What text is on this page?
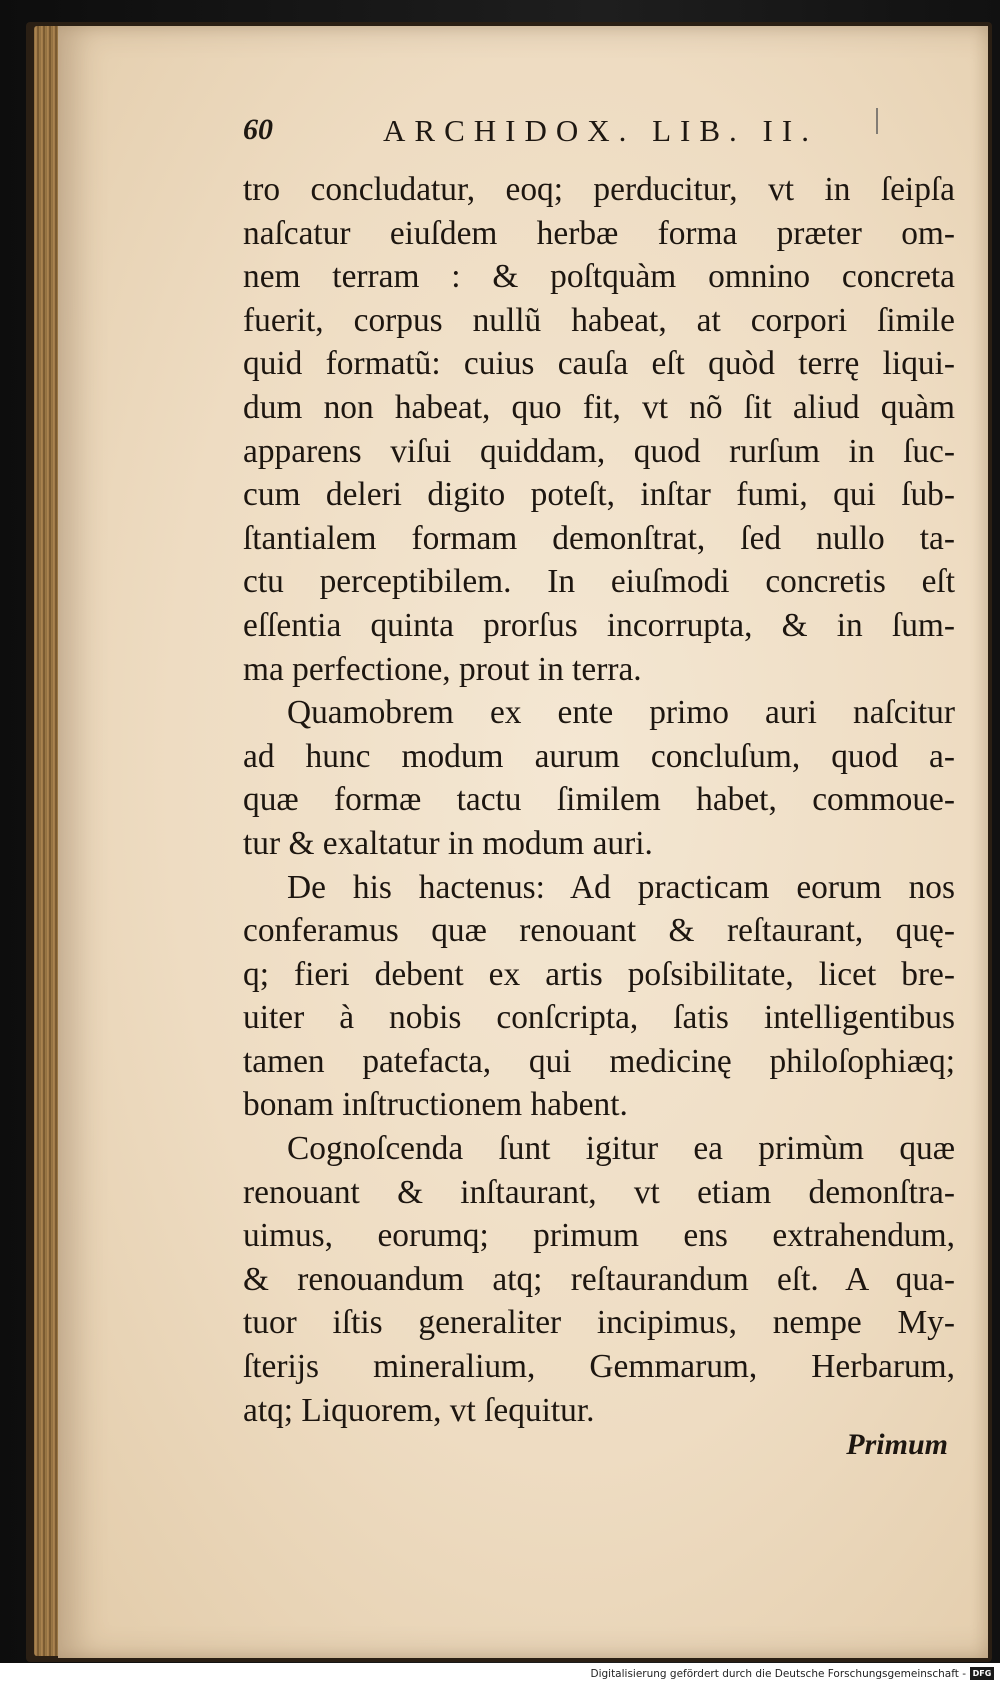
60	ARCHIDOX. LIB. II.
tro concludatur, eoq; perducitur, vt in ſeipſa
naſcatur eiuſdem herbæ forma præter om-
nem terram : & poſtquàm omnino concreta
fuerit, corpus nullũ habeat, at corpori ſimile
quid formatũ: cuius cauſa eſt quòd terrę liqui-
dum non habeat, quo fit, vt nõ ſit aliud quàm
apparens viſui quiddam, quod rurſum in ſuc-
cum deleri digito poteſt, inſtar fumi, qui ſub-
ſtantialem formam demonſtrat, ſed nullo ta-
ctu perceptibilem. In eiuſmodi concretis eſt
eſſentia quinta prorſus incorrupta, & in ſum-
ma perfectione, prout in terra.
Quamobrem ex ente primo auri naſcitur
ad hunc modum aurum concluſum, quod a-
quæ formæ tactu ſimilem habet, commoue-
tur & exaltatur in modum auri.
De his hactenus: Ad practicam eorum nos
conferamus quæ renouant & reſtaurant, quę-
q; fieri debent ex artis poſsibilitate, licet bre-
uiter à nobis conſcripta, ſatis intelligentibus
tamen patefacta, qui medicinę philoſophiæq;
bonam inſtructionem habent.
Cognoſcenda ſunt igitur ea primùm quæ
renouant & inſtaurant, vt etiam demonſtra-
uimus, eorumq; primum ens extrahendum,
& renouandum atq; reſtaurandum eſt. A qua-
tuor iſtis generaliter incipimus, nempe My-
ſterijs mineralium, Gemmarum, Herbarum,
atq; Liquorem, vt ſequitur.
Primum
Digitalisierung gefördert durch die Deutsche Forschungsgemeinschaft - DFG
